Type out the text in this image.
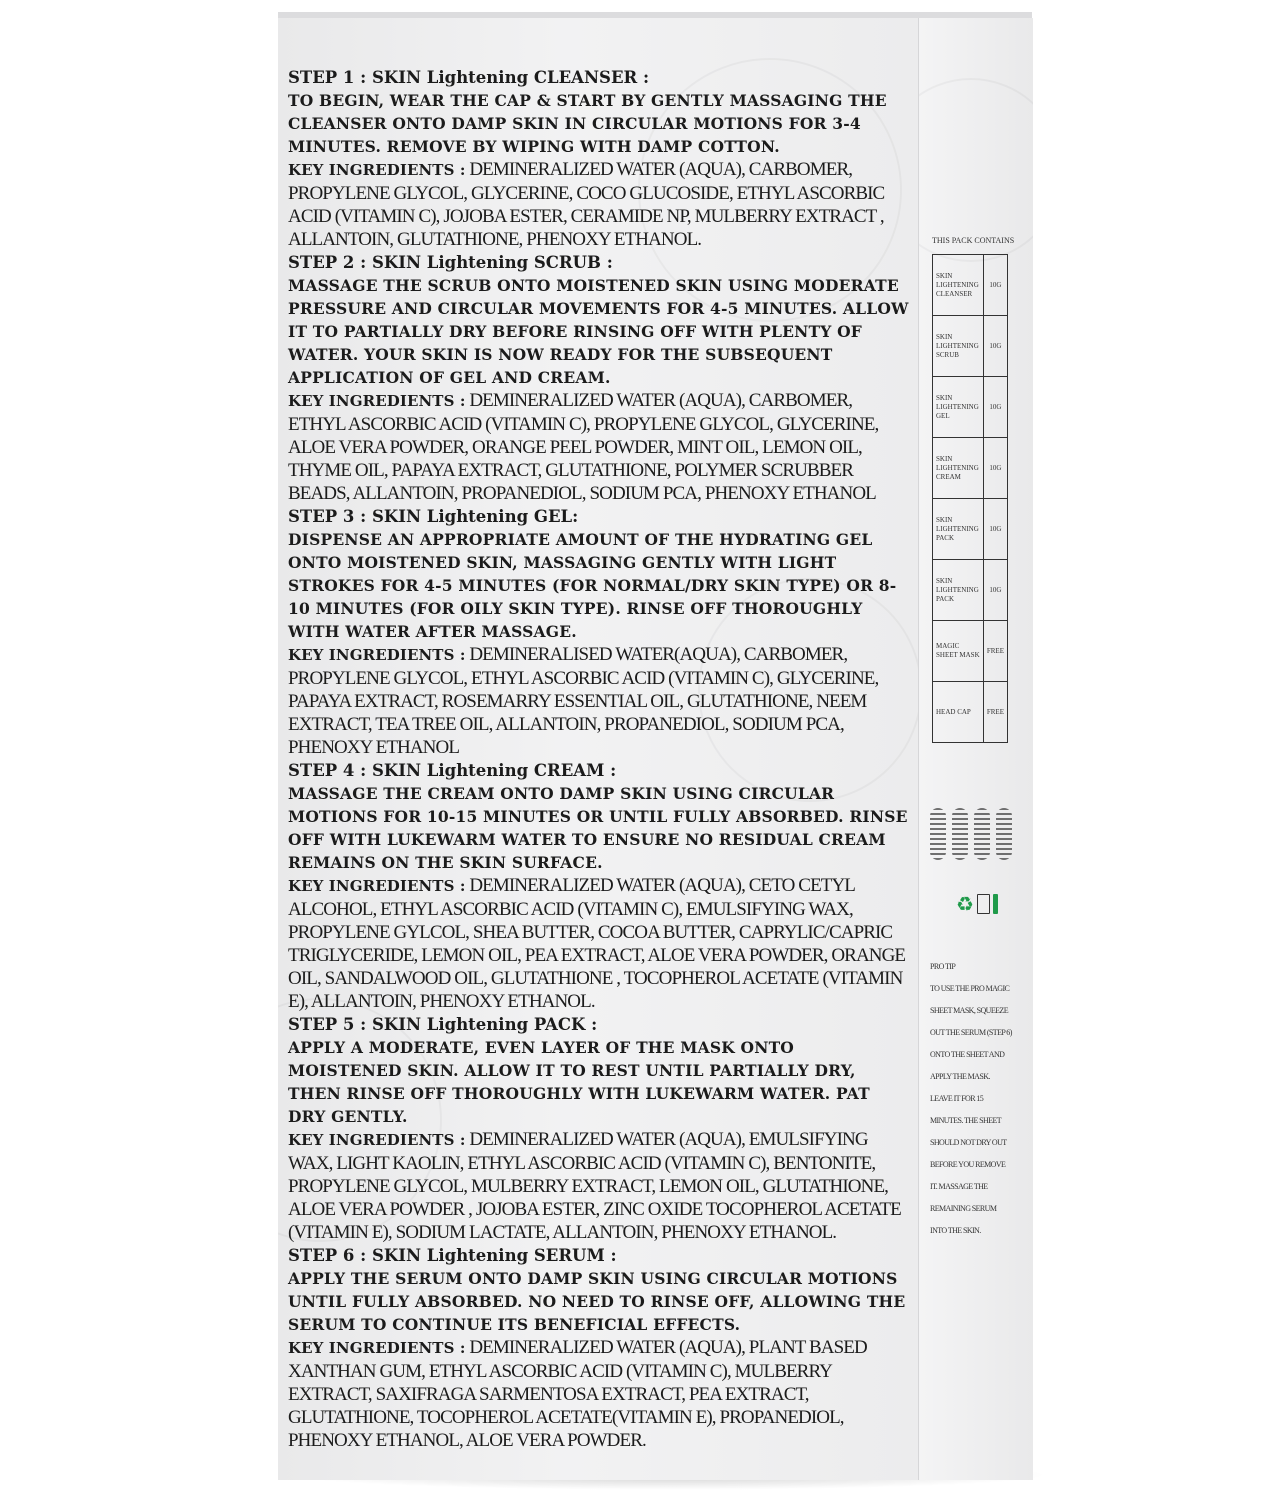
STEP 1 : SKIN Lightening CLEANSER :

TO BEGIN, WEAR THE CAP & START BY GENTLY MASSAGING THE CLEANSER ONTO DAMP SKIN IN CIRCULAR MOTIONS FOR 3-4 MINUTES. REMOVE BY WIPING WITH DAMP COTTON.

KEY INGREDIENTS : DEMINERALIZED WATER (AQUA), CARBOMER, PROPYLENE GLYCOL, GLYCERINE, COCO GLUCOSIDE, ETHYL ASCORBIC ACID (VITAMIN C), JOJOBA ESTER, CERAMIDE NP, MULBERRY EXTRACT , ALLANTOIN, GLUTATHIONE, PHENOXY ETHANOL.

STEP 2 : SKIN Lightening SCRUB :

MASSAGE THE SCRUB ONTO MOISTENED SKIN USING MODERATE PRESSURE AND CIRCULAR MOVEMENTS FOR 4-5 MINUTES. ALLOW IT TO PARTIALLY DRY BEFORE RINSING OFF WITH PLENTY OF WATER. YOUR SKIN IS NOW READY FOR THE SUBSEQUENT APPLICATION OF GEL AND CREAM.

KEY INGREDIENTS : DEMINERALIZED WATER (AQUA), CARBOMER, ETHYL ASCORBIC ACID (VITAMIN C), PROPYLENE GLYCOL, GLYCERINE, ALOE VERA POWDER, ORANGE PEEL POWDER, MINT OIL, LEMON OIL, THYME OIL, PAPAYA EXTRACT, GLUTATHIONE, POLYMER SCRUBBER BEADS, ALLANTOIN, PROPANEDIOL, SODIUM PCA, PHENOXY ETHANOL

STEP 3 : SKIN Lightening GEL:

DISPENSE AN APPROPRIATE AMOUNT OF THE HYDRATING GEL ONTO MOISTENED SKIN, MASSAGING GENTLY WITH LIGHT STROKES FOR 4-5 MINUTES (FOR NORMAL/DRY SKIN TYPE) OR 8-10 MINUTES (FOR OILY SKIN TYPE). RINSE OFF THOROUGHLY WITH WATER AFTER MASSAGE.

KEY INGREDIENTS : DEMINERALISED WATER(AQUA), CARBOMER, PROPYLENE GLYCOL, ETHYL ASCORBIC ACID (VITAMIN C), GLYCERINE, PAPAYA EXTRACT, ROSEMARRY ESSENTIAL OIL, GLUTATHIONE, NEEM EXTRACT, TEA TREE OIL, ALLANTOIN, PROPANEDIOL, SODIUM PCA, PHENOXY ETHANOL

STEP 4 : SKIN Lightening CREAM :

MASSAGE THE CREAM ONTO DAMP SKIN USING CIRCULAR MOTIONS FOR 10-15 MINUTES OR UNTIL FULLY ABSORBED. RINSE OFF WITH LUKEWARM WATER TO ENSURE NO RESIDUAL CREAM REMAINS ON THE SKIN SURFACE.

KEY INGREDIENTS : DEMINERALIZED WATER (AQUA), CETO CETYL ALCOHOL, ETHYL ASCORBIC ACID (VITAMIN C), EMULSIFYING WAX, PROPYLENE GYLCOL, SHEA BUTTER, COCOA BUTTER, CAPRYLIC/CAPRIC TRIGLYCERIDE, LEMON OIL, PEA EXTRACT, ALOE VERA POWDER, ORANGE OIL, SANDALWOOD OIL, GLUTATHIONE , TOCOPHEROL ACETATE (VITAMIN E), ALLANTOIN, PHENOXY ETHANOL.

STEP 5 : SKIN Lightening PACK :

APPLY A MODERATE, EVEN LAYER OF THE MASK ONTO MOISTENED SKIN. ALLOW IT TO REST UNTIL PARTIALLY DRY, THEN RINSE OFF THOROUGHLY WITH LUKEWARM WATER. PAT DRY GENTLY.

KEY INGREDIENTS : DEMINERALIZED WATER (AQUA), EMULSIFYING WAX, LIGHT KAOLIN, ETHYL ASCORBIC ACID (VITAMIN C), BENTONITE, PROPYLENE GLYCOL, MULBERRY EXTRACT, LEMON OIL, GLUTATHIONE, ALOE VERA POWDER , JOJOBA ESTER, ZINC OXIDE TOCOPHEROL ACETATE (VITAMIN E), SODIUM LACTATE, ALLANTOIN, PHENOXY ETHANOL.

STEP 6 : SKIN Lightening SERUM :

APPLY THE SERUM ONTO DAMP SKIN USING CIRCULAR MOTIONS UNTIL FULLY ABSORBED. NO NEED TO RINSE OFF, ALLOWING THE SERUM TO CONTINUE ITS BENEFICIAL EFFECTS.

KEY INGREDIENTS : DEMINERALIZED WATER (AQUA), PLANT BASED XANTHAN GUM, ETHYL ASCORBIC ACID (VITAMIN C), MULBERRY EXTRACT, SAXIFRAGA SARMENTOSA EXTRACT, PEA EXTRACT, GLUTATHIONE, TOCOPHEROL ACETATE(VITAMIN E), PROPANEDIOL, PHENOXY ETHANOL, ALOE VERA POWDER.

THIS PACK CONTAINS
SKIN LIGHTENING CLEANSER	10G
SKIN LIGHTENING SCRUB	10G
SKIN LIGHTENING GEL	10G
SKIN LIGHTENING CREAM	10G
SKIN LIGHTENING PACK	10G
SKIN LIGHTENING PACK	10G
MAGIC SHEET MASK	FREE
HEAD CAP	FREE
♻
PRO TIP
TO USE THE PRO MAGIC SHEET MASK, SQUEEZE OUT THE SERUM (STEP 6) ONTO THE SHEET AND APPLY THE MASK. LEAVE IT FOR 15 MINUTES. THE SHEET SHOULD NOT DRY OUT BEFORE YOU REMOVE IT. MASSAGE THE REMAINING SERUM INTO THE SKIN.
